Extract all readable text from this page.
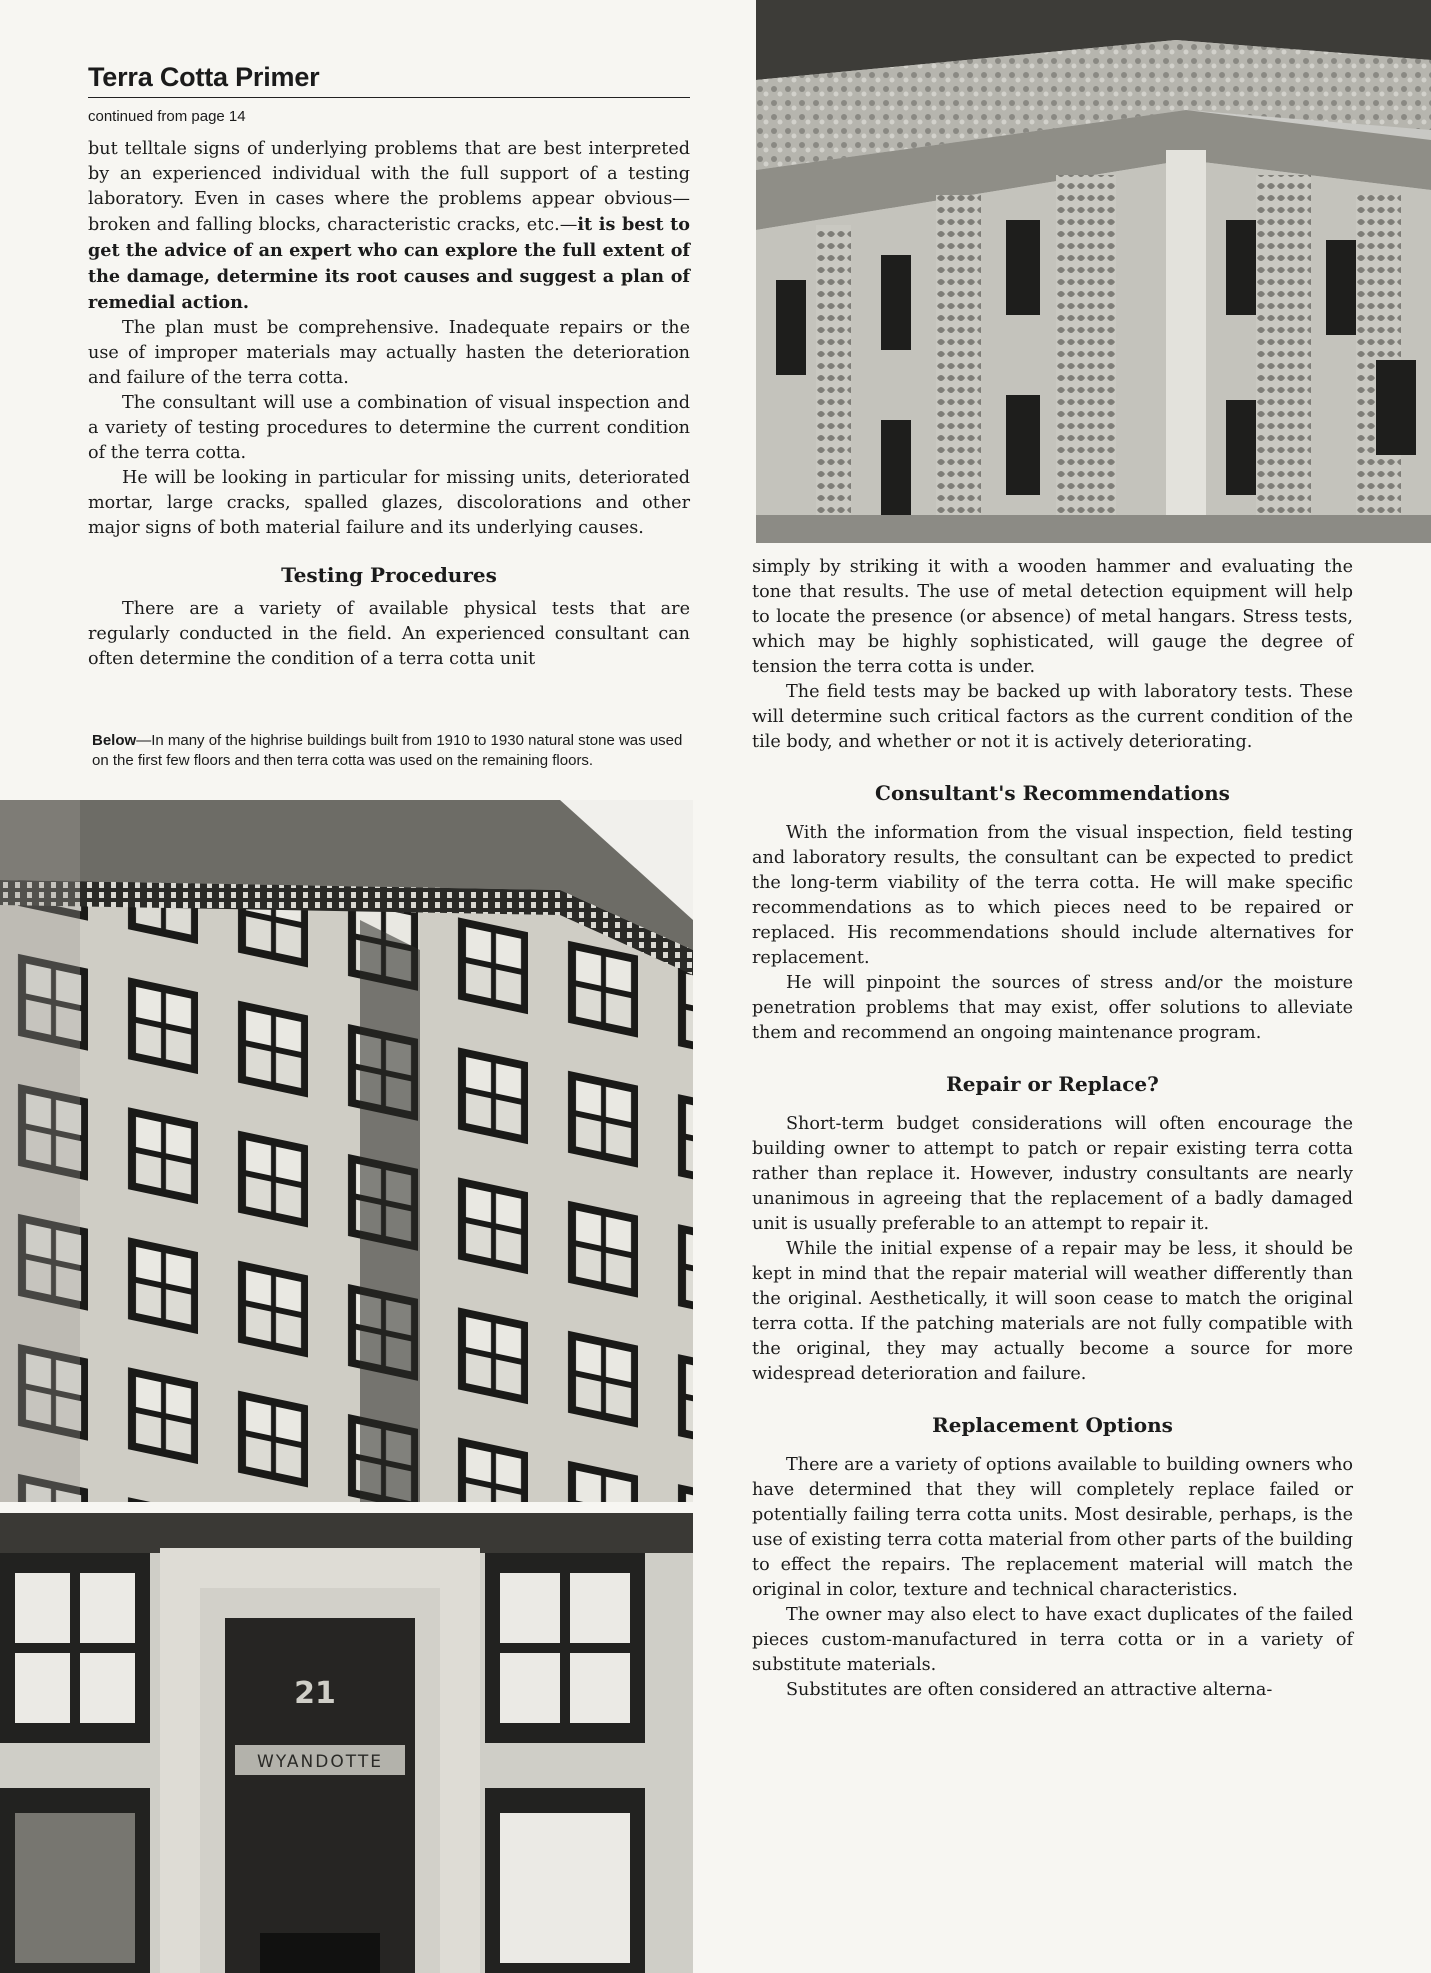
Terra Cotta Primer
continued from page 14

but telltale signs of underlying problems that are best interpreted by an experienced individual with the full support of a testing laboratory. Even in cases where the problems appear obvious—broken and falling blocks, characteristic cracks, etc.—it is best to get the advice of an expert who can explore the full extent of the damage, determine its root causes and suggest a plan of remedial action.

The plan must be comprehensive. Inadequate repairs or the use of improper materials may actually hasten the deterioration and failure of the terra cotta.

The consultant will use a combination of visual inspection and a variety of testing procedures to determine the current condition of the terra cotta.

He will be looking in particular for missing units, deteriorated mortar, large cracks, spalled glazes, discolorations and other major signs of both material failure and its underlying causes.

Testing Procedures

There are a variety of available physical tests that are regularly conducted in the field. An experienced consultant can often determine the condition of a terra cotta unit

Below—In many of the highrise buildings built from 1910 to 1930 natural stone was used on the first few floors and then terra cotta was used on the remaining floors.
21
WYANDOTTE

simply by striking it with a wooden hammer and evaluating the tone that results. The use of metal detection equipment will help to locate the presence (or absence) of metal hangars. Stress tests, which may be highly sophisticated, will gauge the degree of tension the terra cotta is under.

The field tests may be backed up with laboratory tests. These will determine such critical factors as the current condition of the tile body, and whether or not it is actively deteriorating.

Consultant's Recommendations

With the information from the visual inspection, field testing and laboratory results, the consultant can be expected to predict the long-term viability of the terra cotta. He will make specific recommendations as to which pieces need to be repaired or replaced. His recommendations should include alternatives for replacement.

He will pinpoint the sources of stress and/or the moisture penetration problems that may exist, offer solutions to alleviate them and recommend an ongoing maintenance program.

Repair or Replace?

Short-term budget considerations will often encourage the building owner to attempt to patch or repair existing terra cotta rather than replace it. However, industry consultants are nearly unanimous in agreeing that the replacement of a badly damaged unit is usually preferable to an attempt to repair it.

While the initial expense of a repair may be less, it should be kept in mind that the repair material will weather differently than the original. Aesthetically, it will soon cease to match the original terra cotta. If the patching materials are not fully compatible with the original, they may actually become a source for more widespread deterioration and failure.

Replacement Options

There are a variety of options available to building owners who have determined that they will completely replace failed or potentially failing terra cotta units. Most desirable, perhaps, is the use of existing terra cotta material from other parts of the building to effect the repairs. The replacement material will match the original in color, texture and technical characteristics.

The owner may also elect to have exact duplicates of the failed pieces custom-manufactured in terra cotta or in a variety of substitute materials.

Substitutes are often considered an attractive alterna-
